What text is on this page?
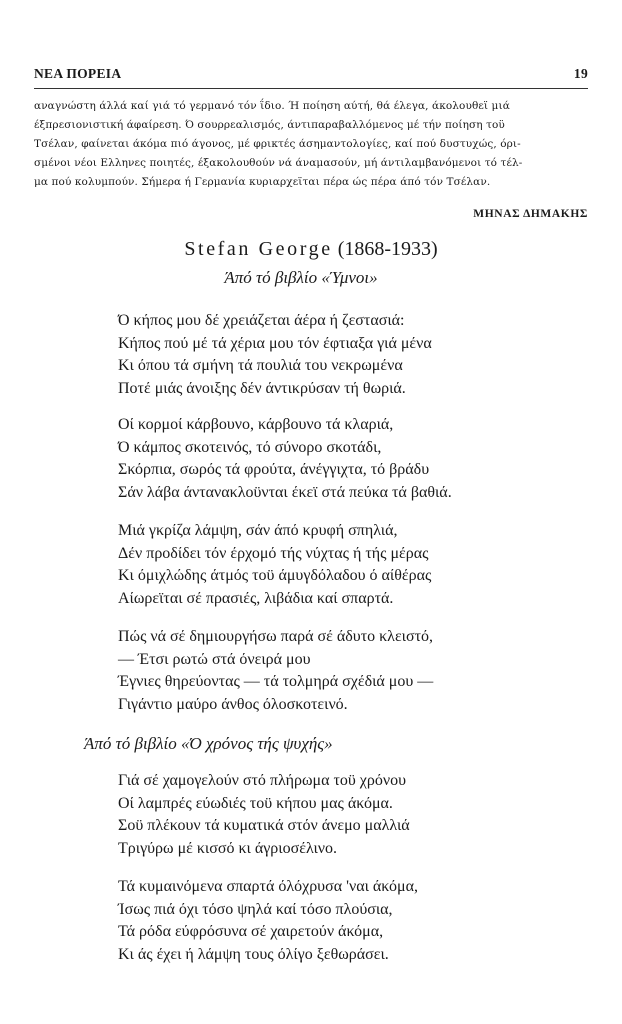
ΝΕΑ ΠΟΡΕΙΑ	19
αναγνώστη άλλά καί γιά τό γερμανό τόν ΐδιο. Ή ποίηση αύτή, θά έλεγα, άκολουθεϊ μιά
έξπρεσιονιστική άφαίρεση. Ό σουρρεαλισμός, άντιπαραβαλλόμενος μέ τήν ποίηση τοϋ
Τσέλαν, φαίνεται άκόμα πιό άγονος, μέ φρικτές άσημαντολογίες, καί πού δυστυχώς, όρι-
σμένοι νέοι Ελληνες ποιητές, έξακολουθούν νά άναμασούν, μή άντιλαμβανόμενοι τό τέλ-
μα πού κολυμπούν. Σήμερα ή Γερμανία κυριαρχεϊται πέρα ώς πέρα άπό τόν Τσέλαν.
ΜΗΝΑΣ ΔΗΜΑΚΗΣ
Stefan George (1868-1933)
Άπό τό βιβλίο «Ύμνοι»
Ό κήπος μου δέ χρειάζεται άέρα ή ζεστασιά:
Κήπος πού μέ τά χέρια μου τόν έφτιαξα γιά μένα
Κι όπου τά σμήνη τά πουλιά του νεκρωμένα
Ποτέ μιάς άνοιξης δέν άντικρύσαν τή θωριά.
Οί κορμοί κάρβουνο, κάρβουνο τά κλαριά,
Ό κάμπος σκοτεινός, τό σύνορο σκοτάδι,
Σκόρπια, σωρός τά φρούτα, άνέγγιχτα, τό βράδυ
Σάν λάβα άντανακλοϋνται έκεϊ στά πεύκα τά βαθιά.
Μιά γκρίζα λάμψη, σάν άπό κρυφή σπηλιά,
Δέν προδίδει τόν έρχομό τής νύχτας ή τής μέρας
Κι όμιχλώδης άτμός τοϋ άμυγδόλαδου ό αίθέρας
Αίωρεϊται σέ πρασιές, λιβάδια καί σπαρτά.
Πώς νά σέ δημιουργήσω παρά σέ άδυτο κλειστό,
— Έτσι ρωτώ στά όνειρά μου
Έγνιες θηρεύοντας — τά τολμηρά σχέδιά μου —
Γιγάντιο μαύρο άνθος όλοσκοτεινό.
Άπό τό βιβλίο «Ό χρόνος τής ψυχής»
Γιά σέ χαμογελούν στό πλήρωμα τοϋ χρόνου
Οί λαμπρές εύωδιές τοϋ κήπου μας άκόμα.
Σοϋ πλέκουν τά κυματικά στόν άνεμο μαλλιά
Τριγύρω μέ κισσό κι άγριοσέλινο.
Τά κυμαινόμενα σπαρτά όλόχρυσα 'ναι άκόμα,
Ίσως πιά όχι τόσο ψηλά καί τόσο πλούσια,
Τά ρόδα εύφρόσυνα σέ χαιρετούν άκόμα,
Κι άς έχει ή λάμψη τους όλίγο ξεθωράσει.
